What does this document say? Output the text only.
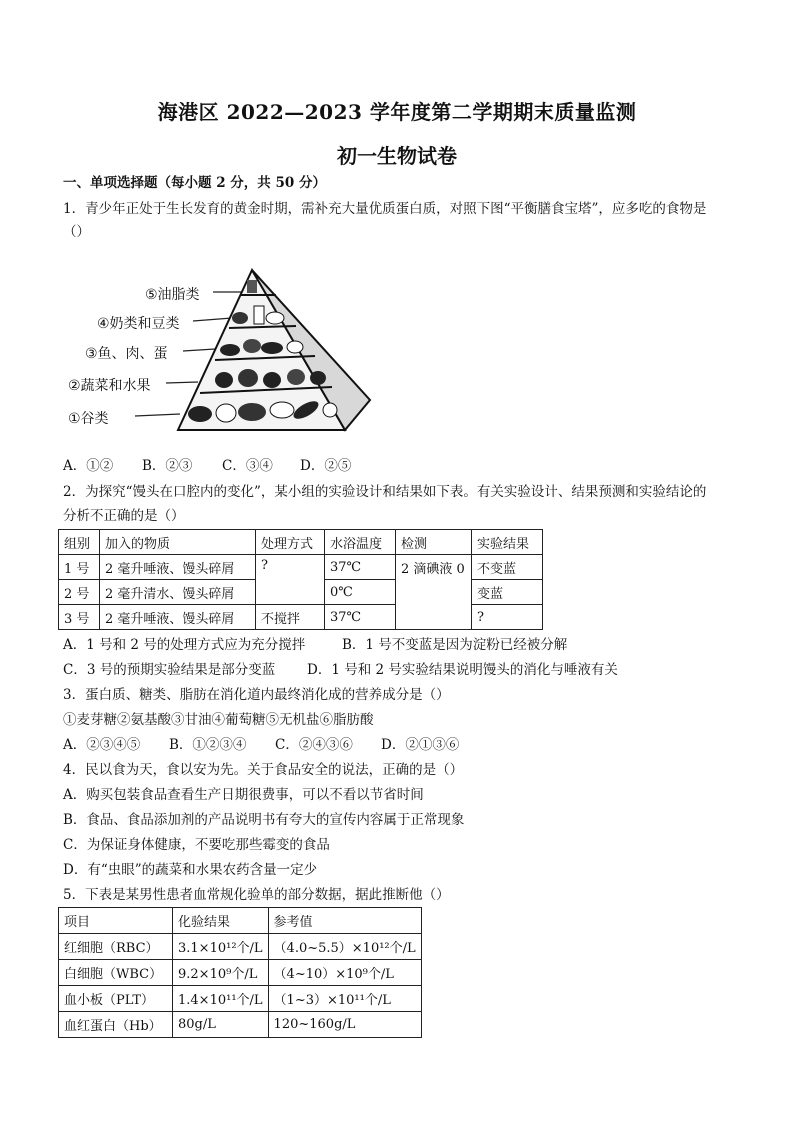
海港区 2022—2023 学年度第二学期期末质量监测
初一生物试卷
一、单项选择题（每小题 2 分，共 50 分）
1．青少年正处于生长发育的黄金时期，需补充大量优质蛋白质，对照下图“平衡膳食宝塔”，应多吃的食物是
（）
⑤油脂类
④奶类和豆类
③鱼、肉、蛋
②蔬菜和水果
①谷类
A．①② B．②③ C．③④ D．②⑤
2．为探究“馒头在口腔内的变化”，某小组的实验设计和结果如下表。有关实验设计、结果预测和实验结论的
分析不正确的是（）
组别	加入的物质	处理方式	水浴温度	检测	实验结果
1 号	2 毫升唾液、馒头碎屑	?	37℃	2 滴碘液 0	不变蓝
2 号	2 毫升清水、馒头碎屑		0℃		变蓝
3 号	2 毫升唾液、馒头碎屑	不搅拌	37℃		?
A．1 号和 2 号的处理方式应为充分搅拌	B．1 号不变蓝是因为淀粉已经被分解
C．3 号的预期实验结果是部分变蓝 D．1 号和 2 号实验结果说明馒头的消化与唾液有关
3．蛋白质、糖类、脂肪在消化道内最终消化成的营养成分是（）
①麦芽糖②氨基酸③甘油④葡萄糖⑤无机盐⑥脂肪酸
A．②③④⑤ B．①②③④ C．②④③⑥ D．②①③⑥
4．民以食为天，食以安为先。关于食品安全的说法，正确的是（）
A．购买包装食品查看生产日期很费事，可以不看以节省时间
B．食品、食品添加剂的产品说明书有夸大的宣传内容属于正常现象
C．为保证身体健康，不要吃那些霉变的食品
D．有“虫眼”的蔬菜和水果农药含量一定少
5．下表是某男性患者血常规化验单的部分数据，据此推断他（）
项目	化验结果	参考值
红细胞（RBC）	3.1×10¹²个/L	（4.0~5.5）×10¹²个/L
白细胞（WBC）	9.2×10⁹个/L	（4~10）×10⁹个/L
血小板（PLT）	1.4×10¹¹个/L	（1~3）×10¹¹个/L
血红蛋白（Hb）	80g/L	120~160g/L
